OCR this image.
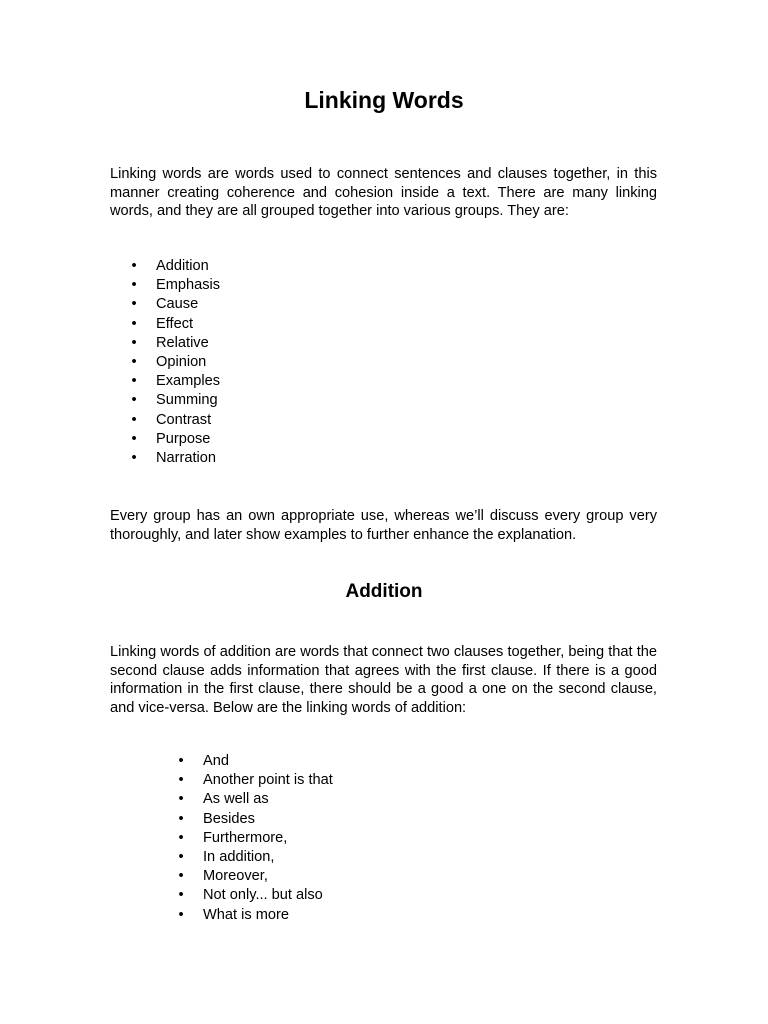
Linking Words

Linking words are words used to connect sentences and clauses together, in this manner creating coherence and cohesion inside a text. There are many linking words, and they are all grouped together into various groups. They are:

• Addition
• Emphasis
• Cause
• Effect
• Relative
• Opinion
• Examples
• Summing
• Contrast
• Purpose
• Narration

Every group has an own appropriate use, whereas we’ll discuss every group very thoroughly, and later show examples to further enhance the explanation.

Addition

Linking words of addition are words that connect two clauses together, being that the second clause adds information that agrees with the first clause. If there is a good information in the first clause, there should be a good a one on the second clause, and vice-versa. Below are the linking words of addition:

• And
• Another point is that
• As well as
• Besides
• Furthermore,
• In addition,
• Moreover,
• Not only... but also
• What is more
